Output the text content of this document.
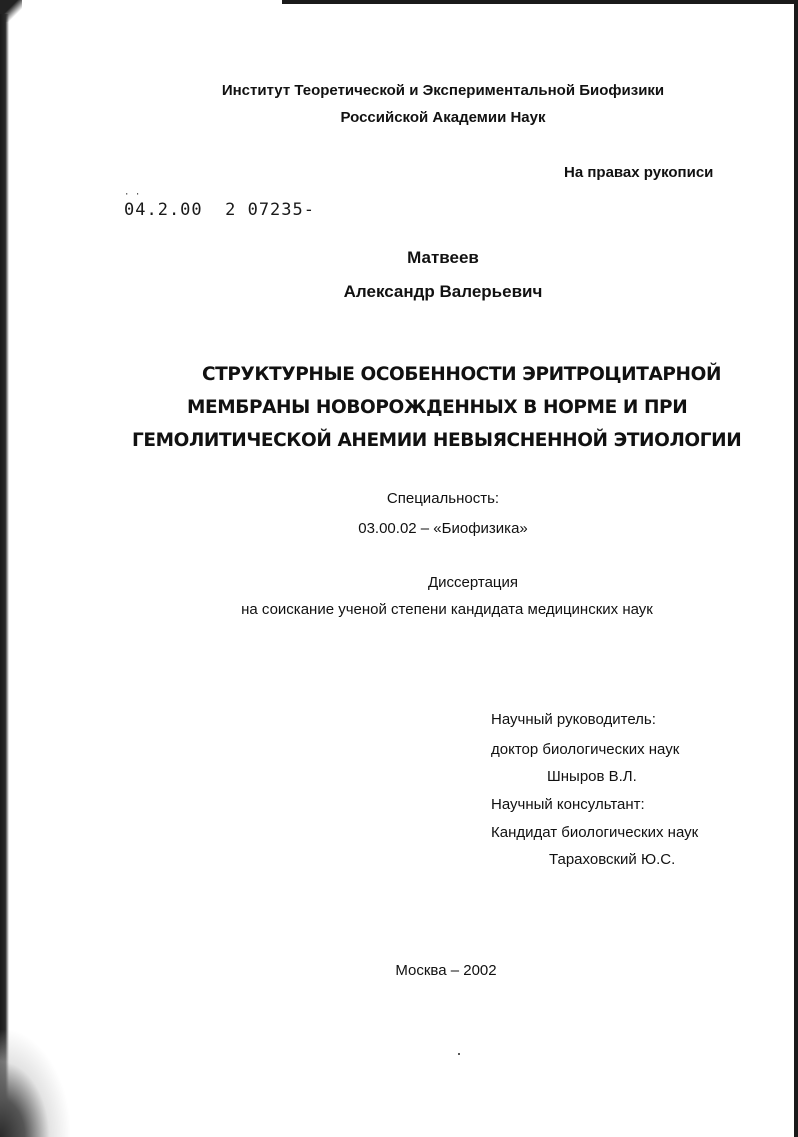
Институт Теоретической и Экспериментальной Биофизики
Российской Академии Наук
На правах рукописи
· ·
04.2.00  2 07235-
Матвеев
Александр Валерьевич
СТРУКТУРНЫЕ ОСОБЕННОСТИ ЭРИТРОЦИТАРНОЙ
МЕМБРАНЫ НОВОРОЖДЕННЫХ В НОРМЕ И ПРИ
ГЕМОЛИТИЧЕСКОЙ АНЕМИИ НЕВЫЯСНЕННОЙ ЭТИОЛОГИИ
Специальность:
03.00.02 – «Биофизика»
Диссертация
на соискание ученой степени кандидата медицинских наук
Научный руководитель:
доктор биологических наук
Шныров В.Л.
Научный консультант:
Кандидат биологических наук
Тараховский Ю.С.
Москва – 2002
